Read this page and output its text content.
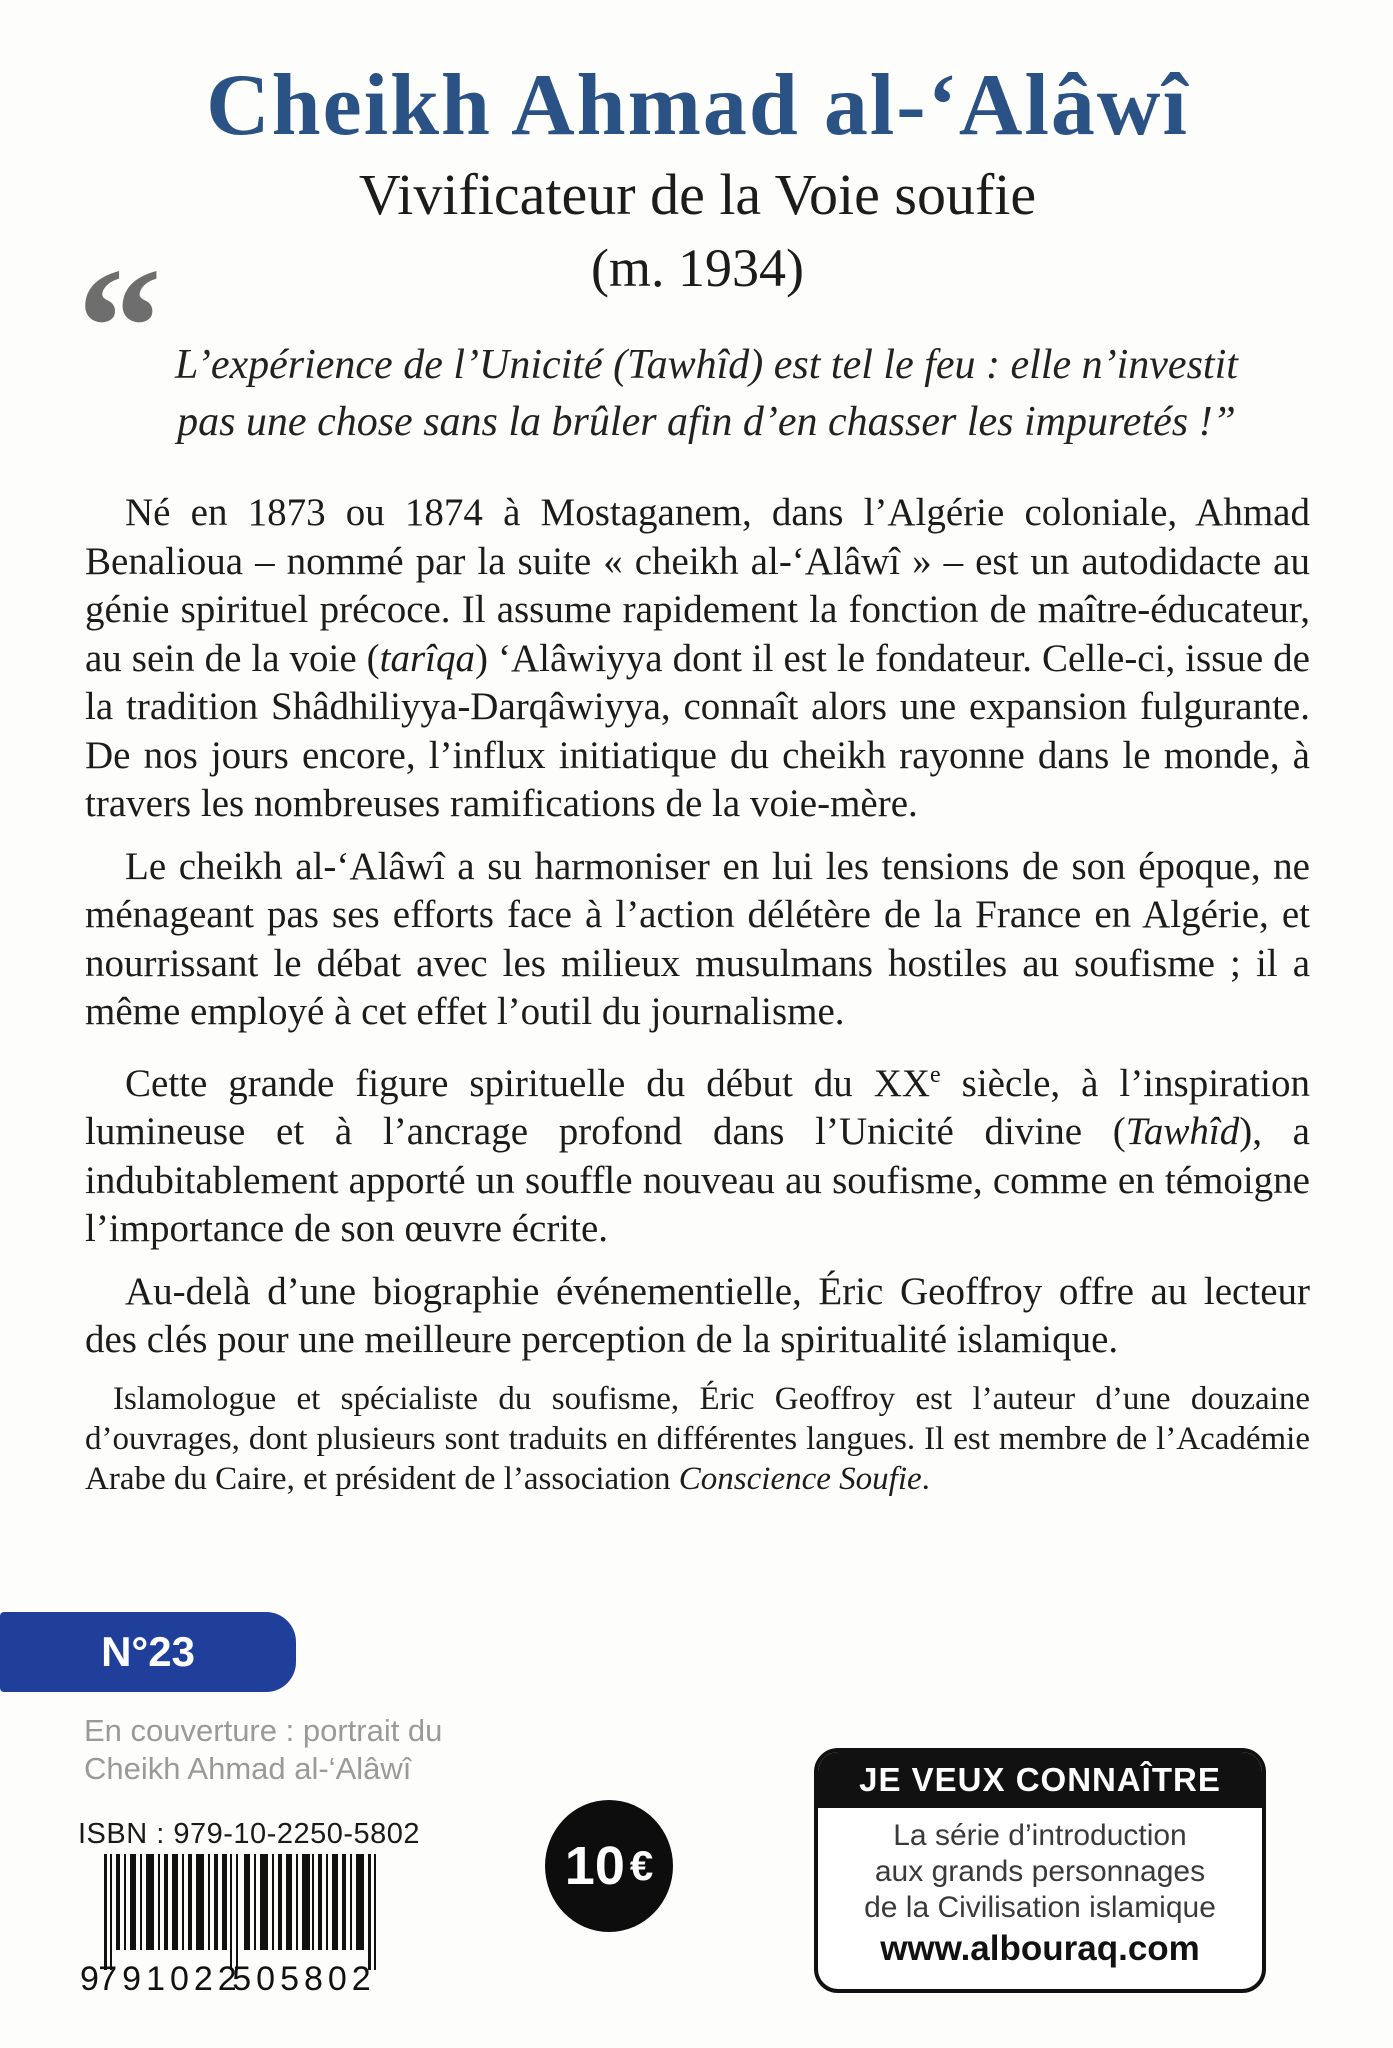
Cheikh Ahmad al-‘Alâwî
Vivificateur de la Voie soufie
(m. 1934)
“ L’expérience de l’Unicité (Tawhîd) est tel le feu : elle n’investit
pas une chose sans la brûler afin d’en chasser les impuretés !”

Né en 1873 ou 1874 à Mostaganem, dans l’Algérie coloniale, Ahmad Benalioua – nommé par la suite « cheikh al-‘Alâwî » – est un autodidacte au génie spirituel précoce. Il assume rapidement la fonction de maître-éducateur, au sein de la voie (tarîqa) ‘Alâwiyya dont il est le fondateur. Celle-ci, issue de la tradition Shâdhiliyya-Darqâwiyya, connaît alors une expansion fulgurante. De nos jours encore, l’influx initiatique du cheikh rayonne dans le monde, à travers les nombreuses ramifications de la voie-mère.

Le cheikh al-‘Alâwî a su harmoniser en lui les tensions de son époque, ne ménageant pas ses efforts face à l’action délétère de la France en Algérie, et nourrissant le débat avec les milieux musulmans hostiles au soufisme ; il a même employé à cet effet l’outil du journalisme.

Cette grande figure spirituelle du début du XXe siècle, à l’inspiration lumineuse et à l’ancrage profond dans l’Unicité divine (Tawhîd), a indubitablement apporté un souffle nouveau au soufisme, comme en témoigne l’importance de son œuvre écrite.

Au-delà d’une biographie événementielle, Éric Geoffroy offre au lecteur des clés pour une meilleure perception de la spiritualité islamique.

Islamologue et spécialiste du soufisme, Éric Geoffroy est l’auteur d’une douzaine d’ouvrages, dont plusieurs sont traduits en différentes langues. Il est membre de l’Académie Arabe du Caire, et président de l’association Conscience Soufie.

N°23
En couverture : portrait du
Cheikh Ahmad al-‘Alâwî
ISBN : 979-10-2250-5802
9 791022
505802
10 €
JE VEUX CONNAÎTRE
La série d’introduction
aux grands personnages
de la Civilisation islamique
www.albouraq.com
